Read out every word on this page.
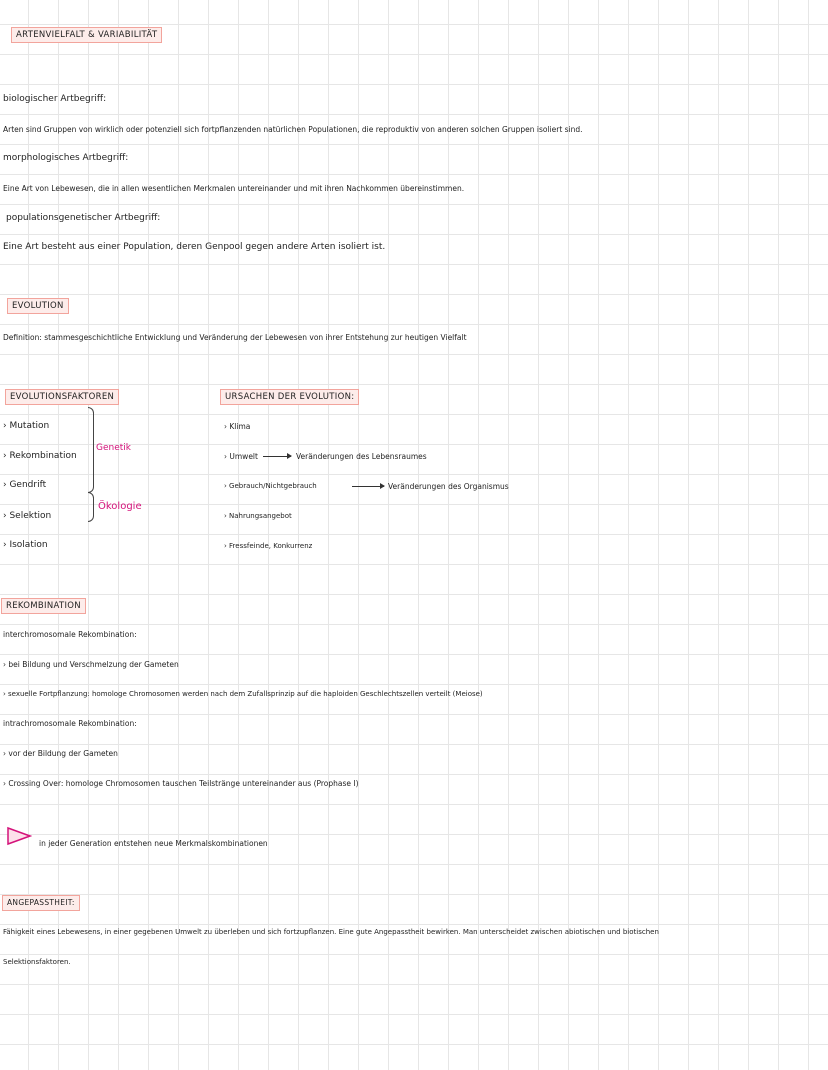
ARTENVIELFALT & VARIABILITÄT
biologischer Artbegriff:
Arten sind Gruppen von wirklich oder potenziell sich fortpflanzenden natürlichen Populationen, die reproduktiv von anderen solchen Gruppen isoliert sind.
morphologisches Artbegriff:
Eine Art von Lebewesen, die in allen wesentlichen Merkmalen untereinander und mit ihren Nachkommen übereinstimmen.
populationsgenetischer Artbegriff:
Eine Art besteht aus einer Population, deren Genpool gegen andere Arten isoliert ist.
EVOLUTION
Definition: stammesgeschichtliche Entwicklung und Veränderung der Lebewesen von ihrer Entstehung zur heutigen Vielfalt
EVOLUTIONSFAKTOREN
› Mutation
› Rekombination
› Gendrift
› Selektion
› Isolation
Genetik
Ökologie
URSACHEN DER EVOLUTION:
› Klima
› Umwelt	Veränderungen des Lebensraumes
› Gebrauch/Nichtgebrauch	Veränderungen des Organismus
› Nahrungsangebot
› Fressfeinde, Konkurrenz
REKOMBINATION
interchromosomale Rekombination:
› bei Bildung und Verschmelzung der Gameten
› sexuelle Fortpflanzung: homologe Chromosomen werden nach dem Zufallsprinzip auf die haploiden Geschlechtszellen verteilt (Meiose)
intrachromosomale Rekombination:
› vor der Bildung der Gameten
› Crossing Over: homologe Chromosomen tauschen Teilstränge untereinander aus (Prophase I)
in jeder Generation entstehen neue Merkmalskombinationen
ANGEPASSTHEIT:
Fähigkeit eines Lebewesens, in einer gegebenen Umwelt zu überleben und sich fortzupflanzen. Eine gute Angepasstheit bewirken. Man unterscheidet zwischen abiotischen und biotischen
Selektionsfaktoren.
